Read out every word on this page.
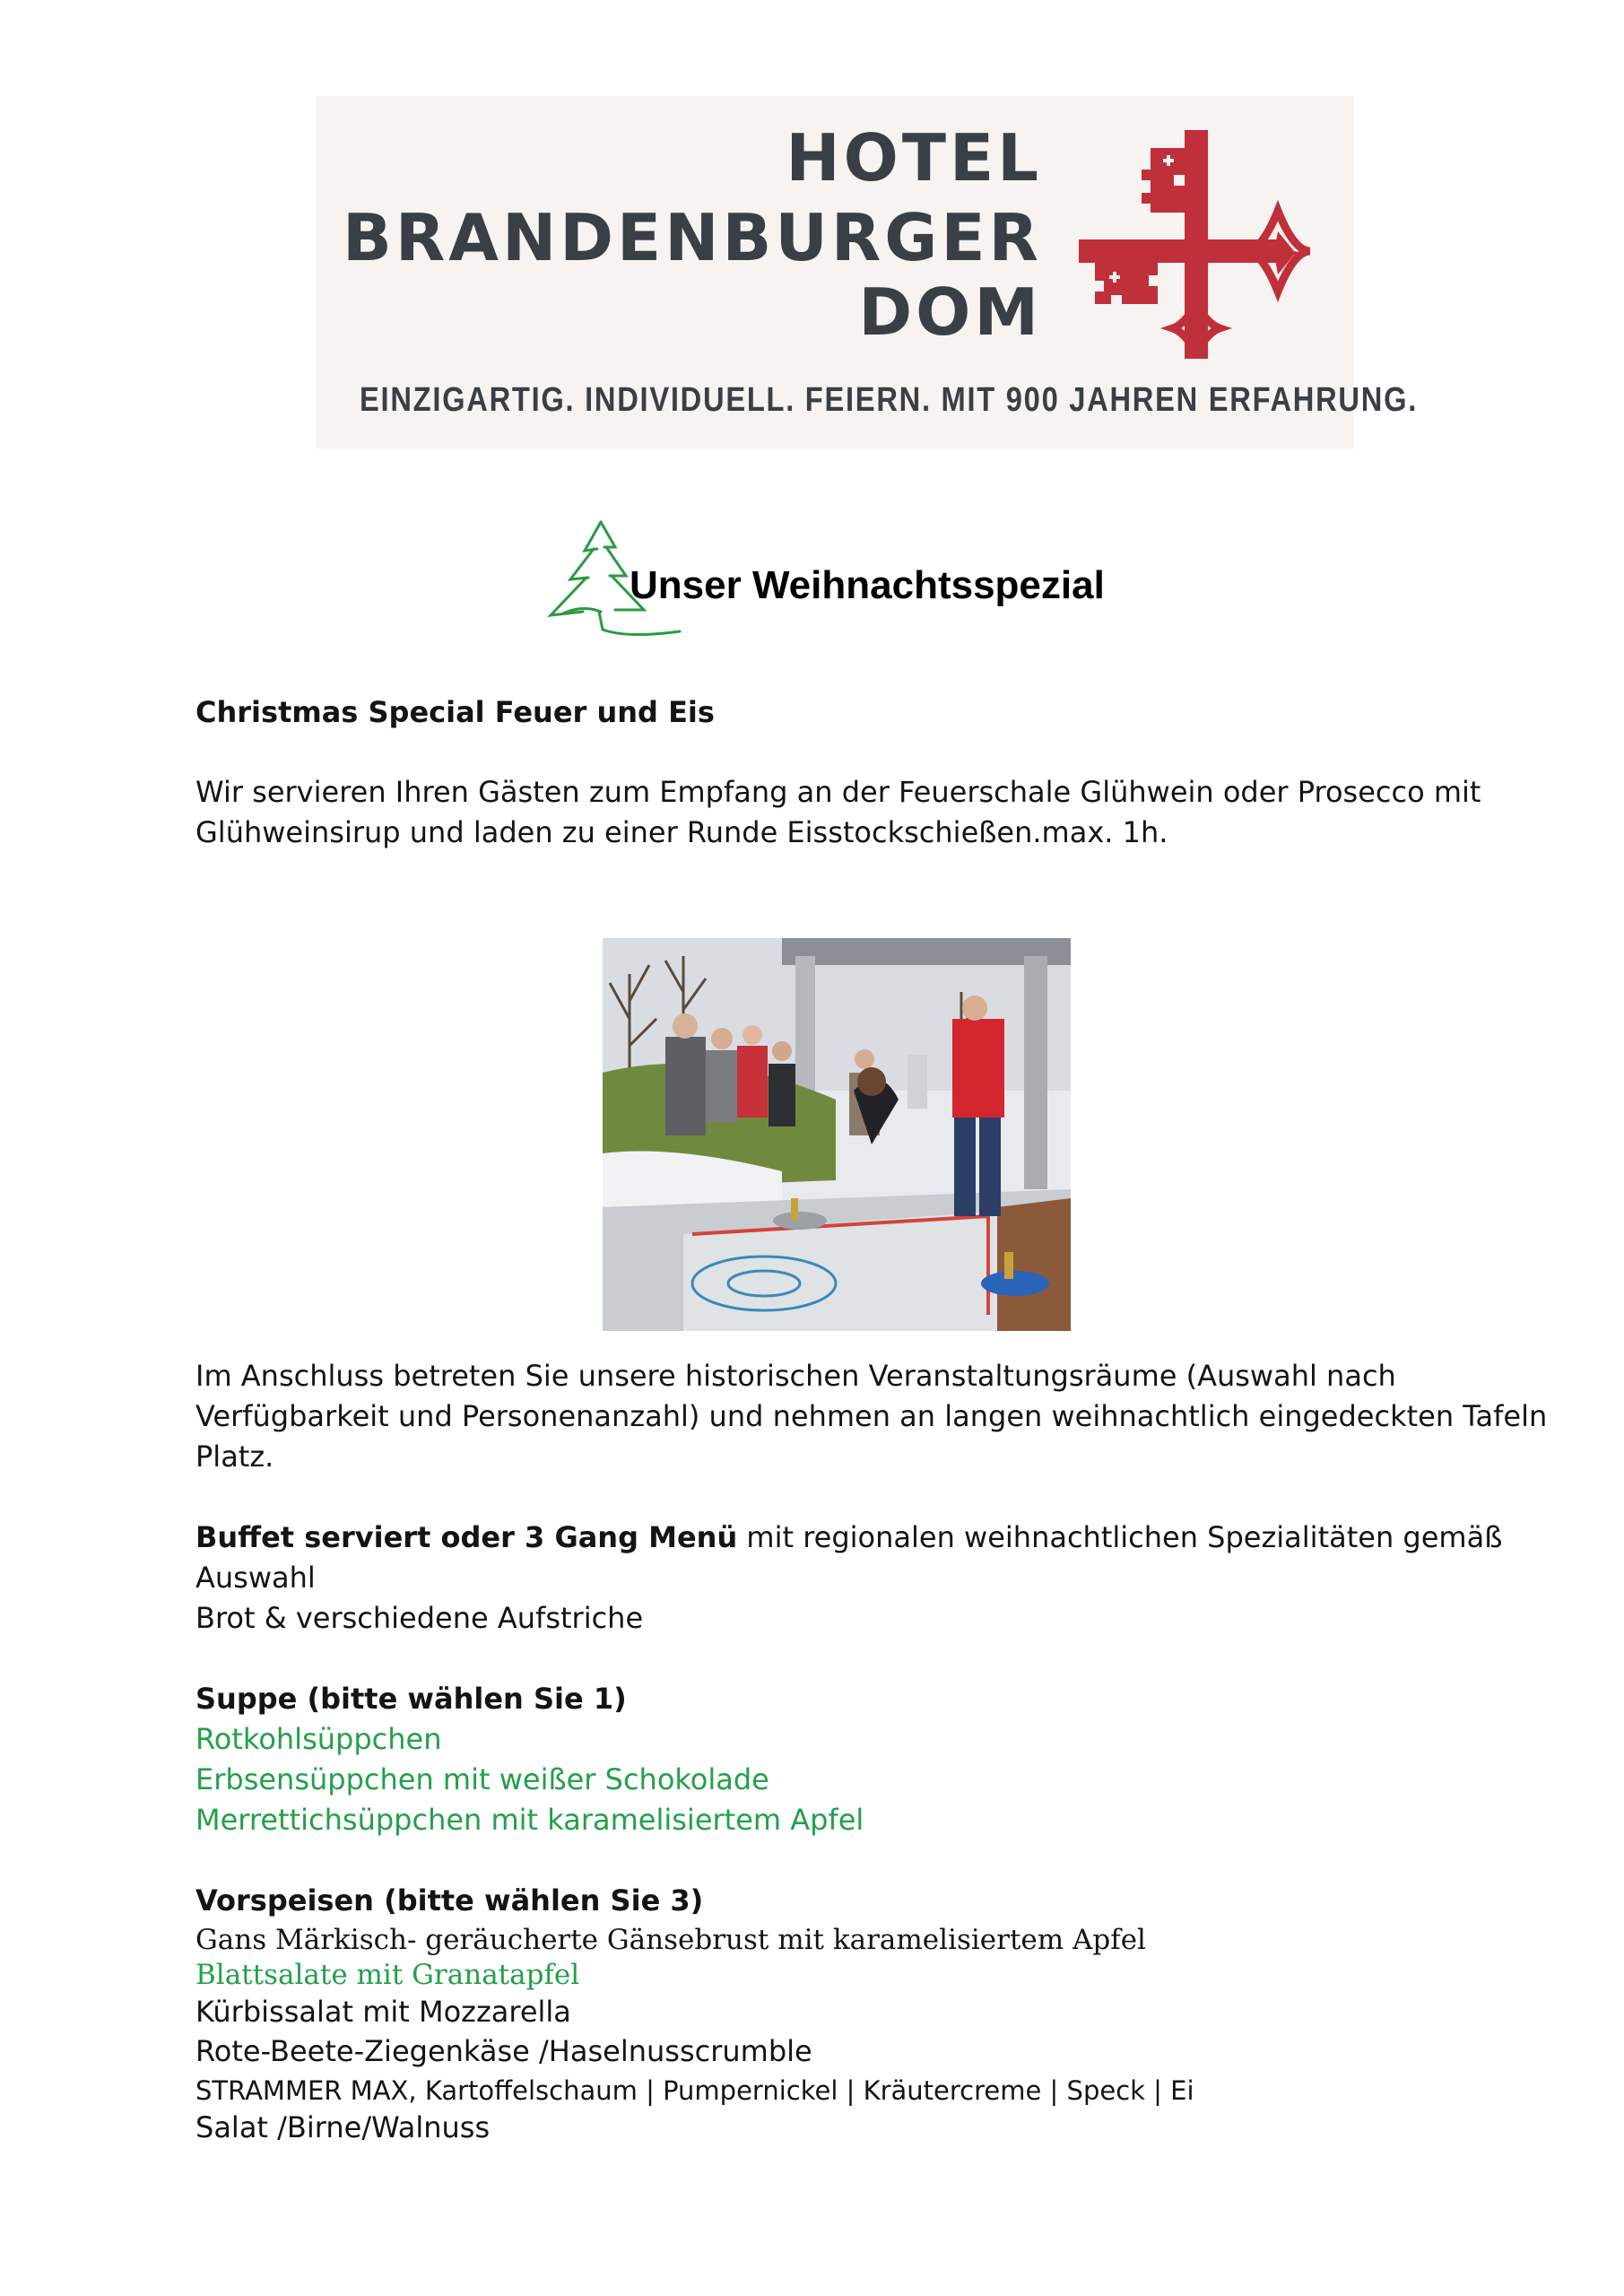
HOTEL
BRANDENBURGER
DOM
EINZIGARTIG. INDIVIDUELL. FEIERN. MIT 900 JAHREN ERFAHRUNG.
Unser Weihnachtsspezial
Christmas Special Feuer und Eis
Wir servieren Ihren Gästen zum Empfang an der Feuerschale Glühwein oder Prosecco mit
Glühweinsirup und laden zu einer Runde Eisstockschießen.max. 1h.
Im Anschluss betreten Sie unsere historischen Veranstaltungsräume (Auswahl nach
Verfügbarkeit und Personenanzahl) und nehmen an langen weihnachtlich eingedeckten Tafeln
Platz.
Buffet serviert oder 3 Gang Menü mit regionalen weihnachtlichen Spezialitäten gemäß
Auswahl
Brot & verschiedene Aufstriche
Suppe (bitte wählen Sie 1)
Rotkohlsüppchen
Erbsensüppchen mit weißer Schokolade
Merrettichsüppchen mit karamelisiertem Apfel
Vorspeisen (bitte wählen Sie 3)
Gans Märkisch- geräucherte Gänsebrust mit karamelisiertem Apfel
Blattsalate mit Granatapfel
Kürbissalat mit Mozzarella
Rote-Beete-Ziegenkäse /Haselnusscrumble
STRAMMER MAX, Kartoffelschaum | Pumpernickel | Kräutercreme | Speck | Ei
Salat /Birne/Walnuss
